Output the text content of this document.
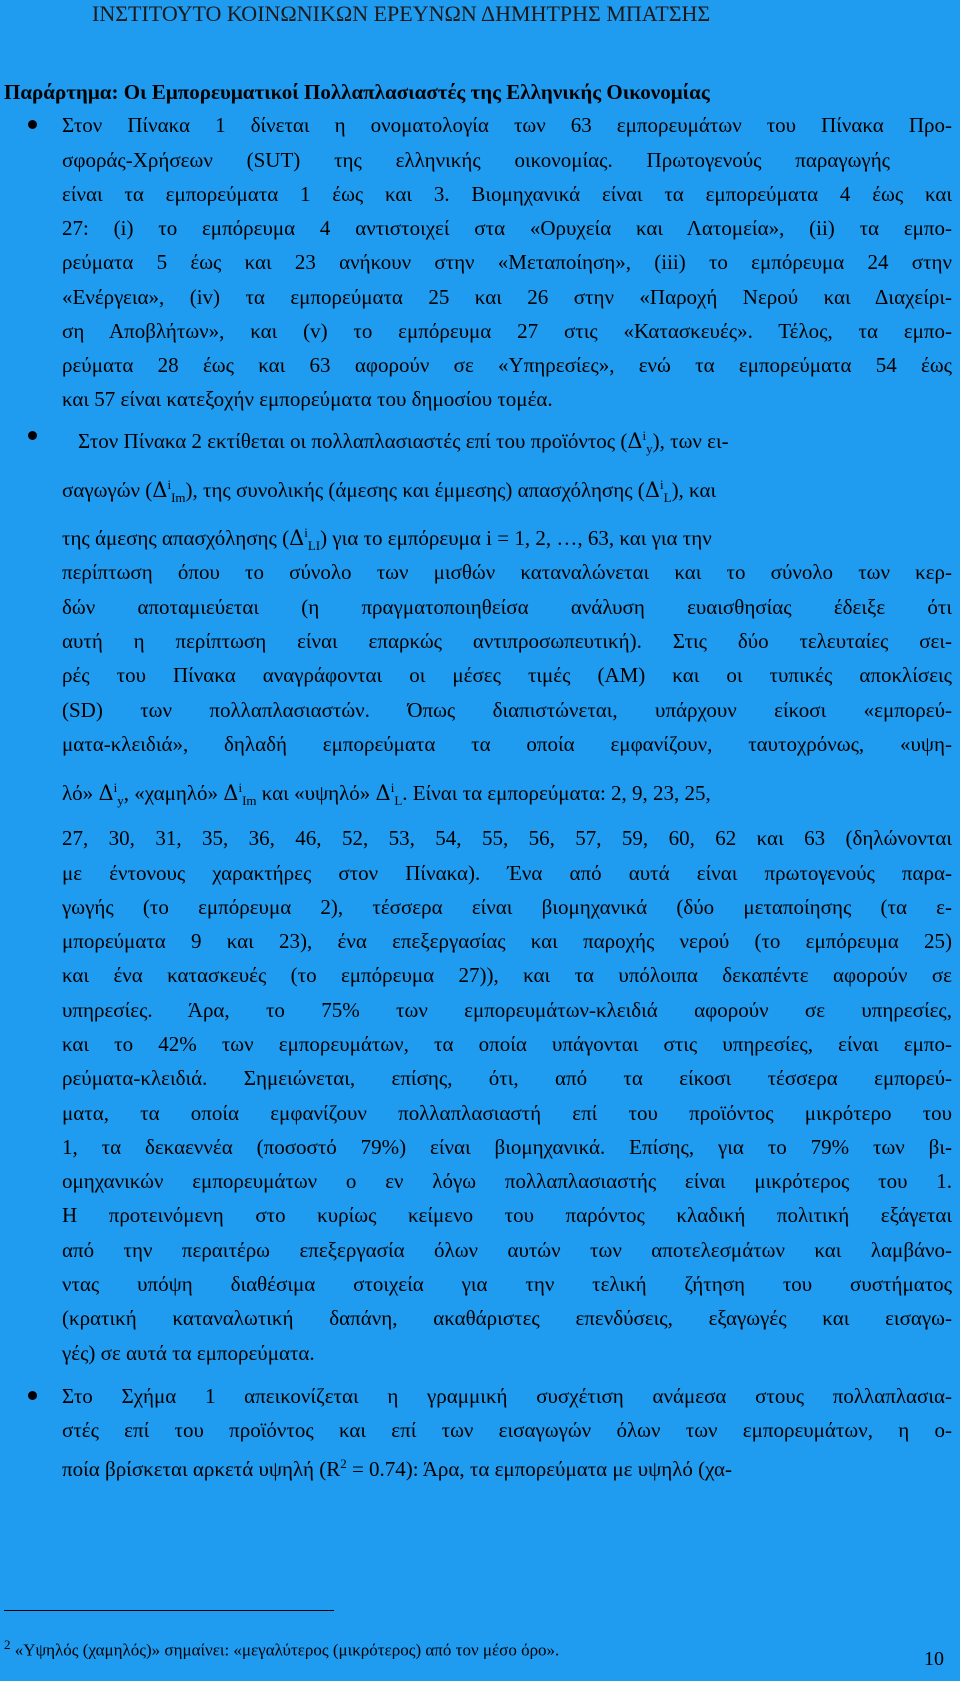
ΙΝΣΤΙΤΟΥΤΟ ΚΟΙΝΩΝΙΚΩΝ ΕΡΕΥΝΩΝ ΔΗΜΗΤΡΗΣ ΜΠΑΤΣΗΣ
Παράρτημα: Οι Εμπορευματικοί Πολλαπλασιαστές της Ελληνικής Οικονομίας
Στον Πίνακα 1 δίνεται η ονοματολογία των 63 εμπορευμάτων του Πίνακα Προ-
σφοράς-Χρήσεων (SUT) της ελληνικής οικονομίας. Πρωτογενούς παραγωγής
είναι τα εμπορεύματα 1 έως και 3. Βιομηχανικά είναι τα εμπορεύματα 4 έως και
27: (i) το εμπόρευμα 4 αντιστοιχεί στα «Ορυχεία και Λατομεία», (ii) τα εμπο-
ρεύματα 5 έως και 23 ανήκουν στην «Μεταποίηση», (iii) το εμπόρευμα 24 στην
«Ενέργεια», (iv) τα εμπορεύματα 25 και 26 στην «Παροχή Νερού και Διαχείρι-
ση Αποβλήτων», και (v) το εμπόρευμα 27 στις «Κατασκευές». Τέλος, τα εμπο-
ρεύματα 28 έως και 63 αφορούν σε «Υπηρεσίες», ενώ τα εμπορεύματα 54 έως
και 57 είναι κατεξοχήν εμπορεύματα του δημοσίου τομέα.
Στον Πίνακα 2 εκτίθεται οι πολλαπλασιαστές επί του προϊόντος $(\Delta^i_y)$, των ει-
σαγωγών $(\Delta^i_{Im})$, της συνολικής (άμεσης και έμμεσης) απασχόλησης $(\Delta^i_L)$, και
της άμεσης απασχόλησης $(\Delta^i_{LI})$ για το εμπόρευμα i = 1, 2, …, 63, και για την
περίπτωση όπου το σύνολο των μισθών καταναλώνεται και το σύνολο των κερ-
δών αποταμιεύεται (η πραγματοποιηθείσα ανάλυση ευαισθησίας έδειξε ότι
αυτή η περίπτωση είναι επαρκώς αντιπροσωπευτική). Στις δύο τελευταίες σει-
ρές του Πίνακα αναγράφονται οι μέσες τιμές (AM) και οι τυπικές αποκλίσεις
(SD) των πολλαπλασιαστών. Όπως διαπιστώνεται, υπάρχουν είκοσι «εμπορεύ-
ματα-κλειδιά», δηλαδή εμπορεύματα τα οποία εμφανίζουν, ταυτοχρόνως, «υψη-
λό» $\Delta^i_y$, «χαμηλό» $\Delta^i_{Im}$ και «υψηλό» $\Delta^i_L$. Είναι τα εμπορεύματα: 2, 9, 23, 25,
27, 30, 31, 35, 36, 46, 52, 53, 54, 55, 56, 57, 59, 60, 62 και 63 (δηλώνονται
με έντονους χαρακτήρες στον Πίνακα). Ένα από αυτά είναι πρωτογενούς παρα-
γωγής (το εμπόρευμα 2), τέσσερα είναι βιομηχανικά (δύο μεταποίησης (τα ε-
μπορεύματα 9 και 23), ένα επεξεργασίας και παροχής νερού (το εμπόρευμα 25)
και ένα κατασκευές (το εμπόρευμα 27)), και τα υπόλοιπα δεκαπέντε αφορούν σε
υπηρεσίες. Άρα, το 75% των εμπορευμάτων-κλειδιά αφορούν σε υπηρεσίες,
και το 42% των εμπορευμάτων, τα οποία υπάγονται στις υπηρεσίες, είναι εμπο-
ρεύματα-κλειδιά. Σημειώνεται, επίσης, ότι, από τα είκοσι τέσσερα εμπορεύ-
ματα, τα οποία εμφανίζουν πολλαπλασιαστή επί του προϊόντος μικρότερο του
1, τα δεκαεννέα (ποσοστό 79%) είναι βιομηχανικά. Επίσης, για το 79% των βι-
ομηχανικών εμπορευμάτων ο εν λόγω πολλαπλασιαστής είναι μικρότερος του 1.
Η προτεινόμενη στο κυρίως κείμενο του παρόντος κλαδική πολιτική εξάγεται
από την περαιτέρω επεξεργασία όλων αυτών των αποτελεσμάτων και λαμβάνο-
ντας υπόψη διαθέσιμα στοιχεία για την τελική ζήτηση του συστήματος
(κρατική καταναλωτική δαπάνη, ακαθάριστες επενδύσεις, εξαγωγές και εισαγω-
γές) σε αυτά τα εμπορεύματα.
Στο Σχήμα 1 απεικονίζεται η γραμμική συσχέτιση ανάμεσα στους πολλαπλασια-
στές επί του προϊόντος και επί των εισαγωγών όλων των εμπορευμάτων, η ο-
ποία βρίσκεται αρκετά υψηλή $(R^2 = 0.74)$: Άρα, τα εμπορεύματα με υψηλό (χα-
$^2$ «Υψηλός (χαμηλός)» σημαίνει: «μεγαλύτερος (μικρότερος) από τον μέσο όρο».	10
